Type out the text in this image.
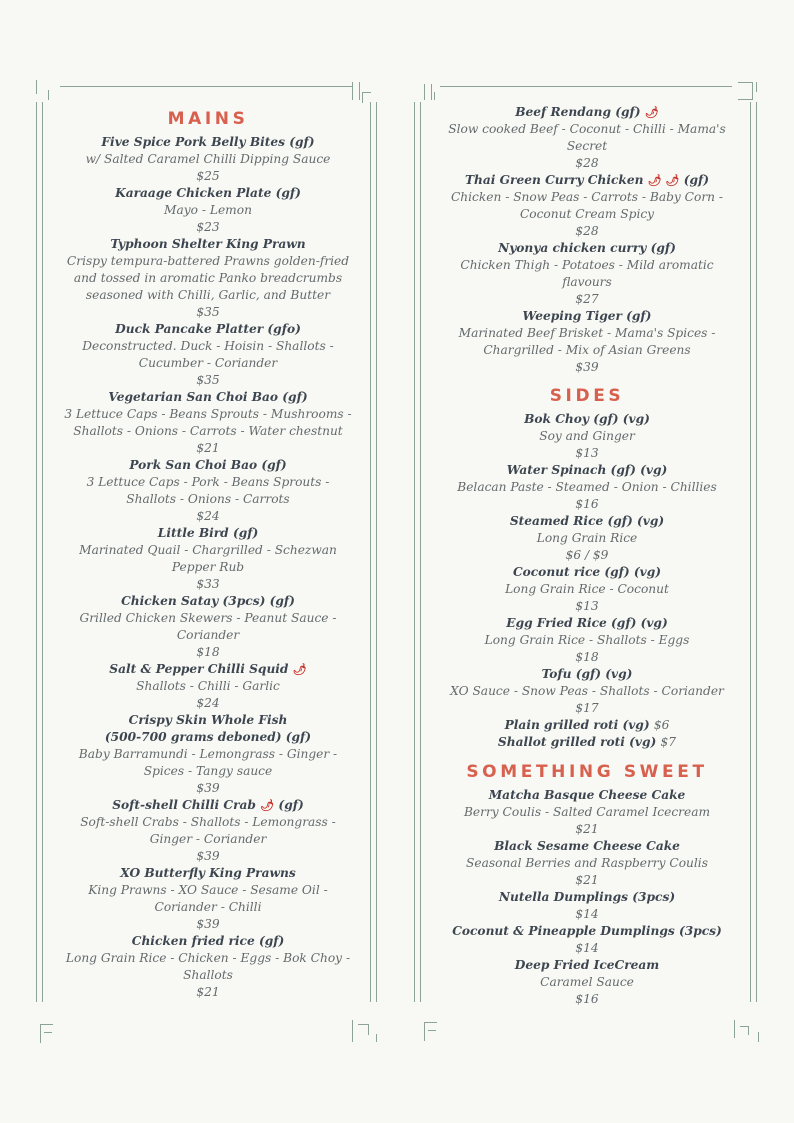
MAINS
Five Spice Pork Belly Bites (gf)
w/ Salted Caramel Chilli Dipping Sauce
$25
Karaage Chicken Plate (gf)
Mayo - Lemon
$23
Typhoon Shelter King Prawn
Crispy tempura-battered Prawns golden-fried and tossed in aromatic Panko breadcrumbs seasoned with Chilli, Garlic, and Butter
$35
Duck Pancake Platter (gfo)
Deconstructed. Duck - Hoisin - Shallots - Cucumber - Coriander
$35
Vegetarian San Choi Bao (gf)
3 Lettuce Caps - Beans Sprouts - Mushrooms - Shallots - Onions - Carrots - Water chestnut
$21
Pork San Choi Bao (gf)
3 Lettuce Caps - Pork - Beans Sprouts - Shallots - Onions - Carrots
$24
Little Bird (gf)
Marinated Quail - Chargrilled - Schezwan Pepper Rub
$33
Chicken Satay (3pcs) (gf)
Grilled Chicken Skewers - Peanut Sauce - Coriander
$18
Salt & Pepper Chilli Squid 🌶
Shallots - Chilli - Garlic
$24
Crispy Skin Whole Fish
(500-700 grams deboned) (gf)
Baby Barramundi - Lemongrass - Ginger - Spices - Tangy sauce
$39
Soft-shell Chilli Crab 🌶 (gf)
Soft-shell Crabs - Shallots - Lemongrass - Ginger - Coriander
$39
XO Butterfly King Prawns
King Prawns - XO Sauce - Sesame Oil - Coriander - Chilli
$39
Chicken fried rice (gf)
Long Grain Rice - Chicken - Eggs - Bok Choy - Shallots
$21
Beef Rendang (gf) 🌶
Slow cooked Beef - Coconut - Chilli - Mama's Secret
$28
Thai Green Curry Chicken 🌶 🌶 (gf)
Chicken - Snow Peas - Carrots - Baby Corn - Coconut Cream Spicy
$28
Nyonya chicken curry (gf)
Chicken Thigh - Potatoes - Mild aromatic flavours
$27
Weeping Tiger (gf)
Marinated Beef Brisket - Mama's Spices - Chargrilled - Mix of Asian Greens
$39
SIDES
Bok Choy (gf) (vg)
Soy and Ginger
$13
Water Spinach (gf) (vg)
Belacan Paste - Steamed - Onion - Chillies
$16
Steamed Rice (gf) (vg)
Long Grain Rice
$6 / $9
Coconut rice (gf) (vg)
Long Grain Rice - Coconut
$13
Egg Fried Rice (gf) (vg)
Long Grain Rice - Shallots - Eggs
$18
Tofu (gf) (vg)
XO Sauce - Snow Peas - Shallots - Coriander
$17
Plain grilled roti (vg) $6
Shallot grilled roti (vg) $7
SOMETHING SWEET
Matcha Basque Cheese Cake
Berry Coulis - Salted Caramel Icecream
$21
Black Sesame Cheese Cake
Seasonal Berries and Raspberry Coulis
$21
Nutella Dumplings (3pcs)
$14
Coconut & Pineapple Dumplings (3pcs)
$14
Deep Fried IceCream
Caramel Sauce
$16
